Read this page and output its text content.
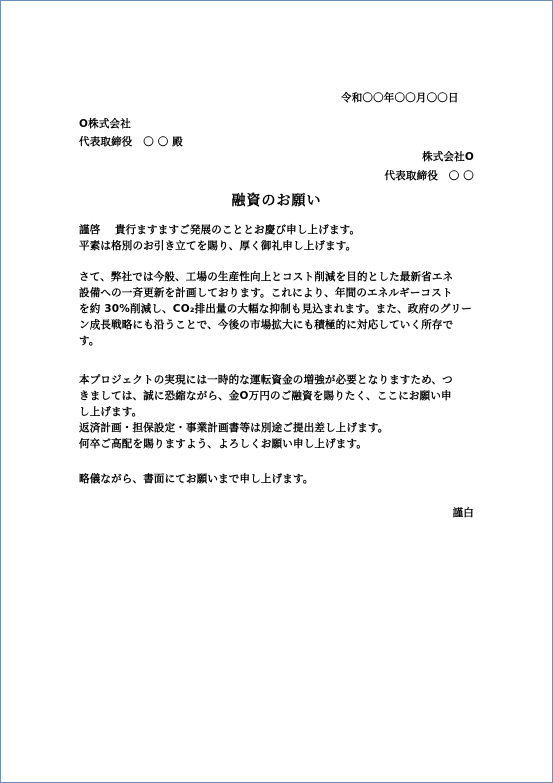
令和〇〇年〇〇月〇〇日
O株式会社
代表取締役　〇 〇 殿
株式会社O
代表取締役　〇 〇
融資のお願い
謹啓　 貴行ますますご発展のこととお慶び申し上げます。
平素は格別のお引き立てを賜り、厚く御礼申し上げます。
さて、弊社では今般、工場の生産性向上とコスト削減を目的とした最新省エネ
設備への一斉更新を計画しております。これにより、年間のエネルギーコスト
を約 30%削減し、CO₂排出量の大幅な抑制も見込まれます。また、政府のグリー
ン成長戦略にも沿うことで、今後の市場拡大にも積極的に対応していく所存で
す。
本プロジェクトの実現には一時的な運転資金の増強が必要となりますため、つ
きましては、誠に恐縮ながら、金O万円のご融資を賜りたく、ここにお願い申
し上げます。
返済計画・担保設定・事業計画書等は別途ご提出差し上げます。
何卒ご高配を賜りますよう、よろしくお願い申し上げます。
略儀ながら、書面にてお願いまで申し上げます。
謹白
